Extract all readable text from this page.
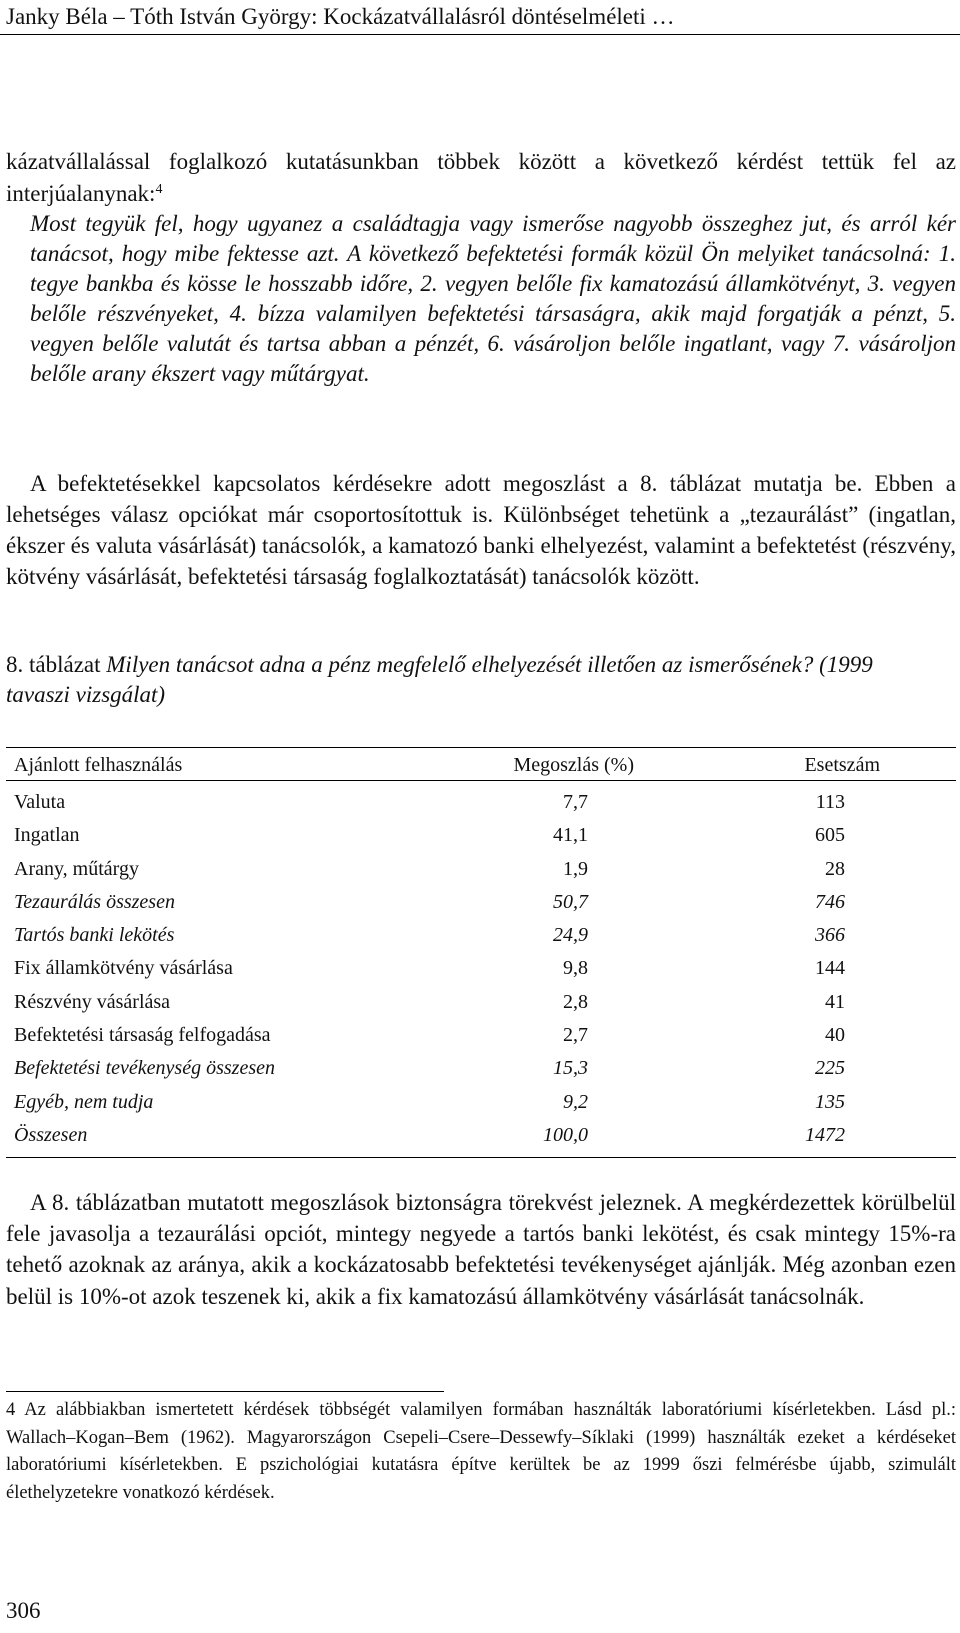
Janky Béla – Tóth István György: Kockázatvállalásról döntéselméleti …
kázatvállalással foglalkozó kutatásunkban többek között a következő kérdést tettük fel az interjúalanynak:$^4$
Most tegyük fel, hogy ugyanez a családtagja vagy ismerőse nagyobb összeghez jut, és arról kér tanácsot, hogy mibe fektesse azt. A következő befektetési formák közül Ön melyiket tanácsolná: 1. tegye bankba és kösse le hosszabb időre, 2. vegyen belőle fix kamatozású államkötvényt, 3. vegyen belőle részvényeket, 4. bízza valamilyen befektetési társaságra, akik majd forgatják a pénzt, 5. vegyen belőle valutát és tartsa abban a pénzét, 6. vásároljon belőle ingatlant, vagy 7. vásároljon belőle arany ékszert vagy műtárgyat.
A befektetésekkel kapcsolatos kérdésekre adott megoszlást a 8. táblázat mutatja be. Ebben a lehetséges válasz opciókat már csoportosítottuk is. Különbséget tehetünk a „tezaurálást” (ingatlan, ékszer és valuta vásárlását) tanácsolók, a kamatozó banki elhelyezést, valamint a befektetést (részvény, kötvény vásárlását, befektetési társaság foglalkoztatását) tanácsolók között.
8. táblázat Milyen tanácsot adna a pénz megfelelő elhelyezését illetően az ismerősének? (1999 tavaszi vizsgálat)
Ajánlott felhasználás	Megoszlás (%)	Esetszám
Valuta	7,7	113
Ingatlan	41,1	605
Arany, műtárgy	1,9	28
Tezaurálás összesen	50,7	746
Tartós banki lekötés	24,9	366
Fix államkötvény vásárlása	9,8	144
Részvény vásárlása	2,8	41
Befektetési társaság felfogadása	2,7	40
Befektetési tevékenység összesen	15,3	225
Egyéb, nem tudja	9,2	135
Összesen	100,0	1472
A 8. táblázatban mutatott megoszlások biztonságra törekvést jeleznek. A megkérdezettek körülbelül fele javasolja a tezaurálási opciót, mintegy negyede a tartós banki lekötést, és csak mintegy 15%-ra tehető azoknak az aránya, akik a kockázatosabb befektetési tevékenységet ajánlják. Még azonban ezen belül is 10%-ot azok teszenek ki, akik a fix kamatozású államkötvény vásárlását tanácsolnák.
4 Az alábbiakban ismertetett kérdések többségét valamilyen formában használták laboratóriumi kísérletekben. Lásd pl.: Wallach–Kogan–Bem (1962). Magyarországon Csepeli–Csere–Dessewfy–Síklaki (1999) használták ezeket a kérdéseket laboratóriumi kísérletekben. E pszichológiai kutatásra építve kerültek be az 1999 őszi felmérésbe újabb, szimulált élethelyzetekre vonatkozó kérdések.
306
